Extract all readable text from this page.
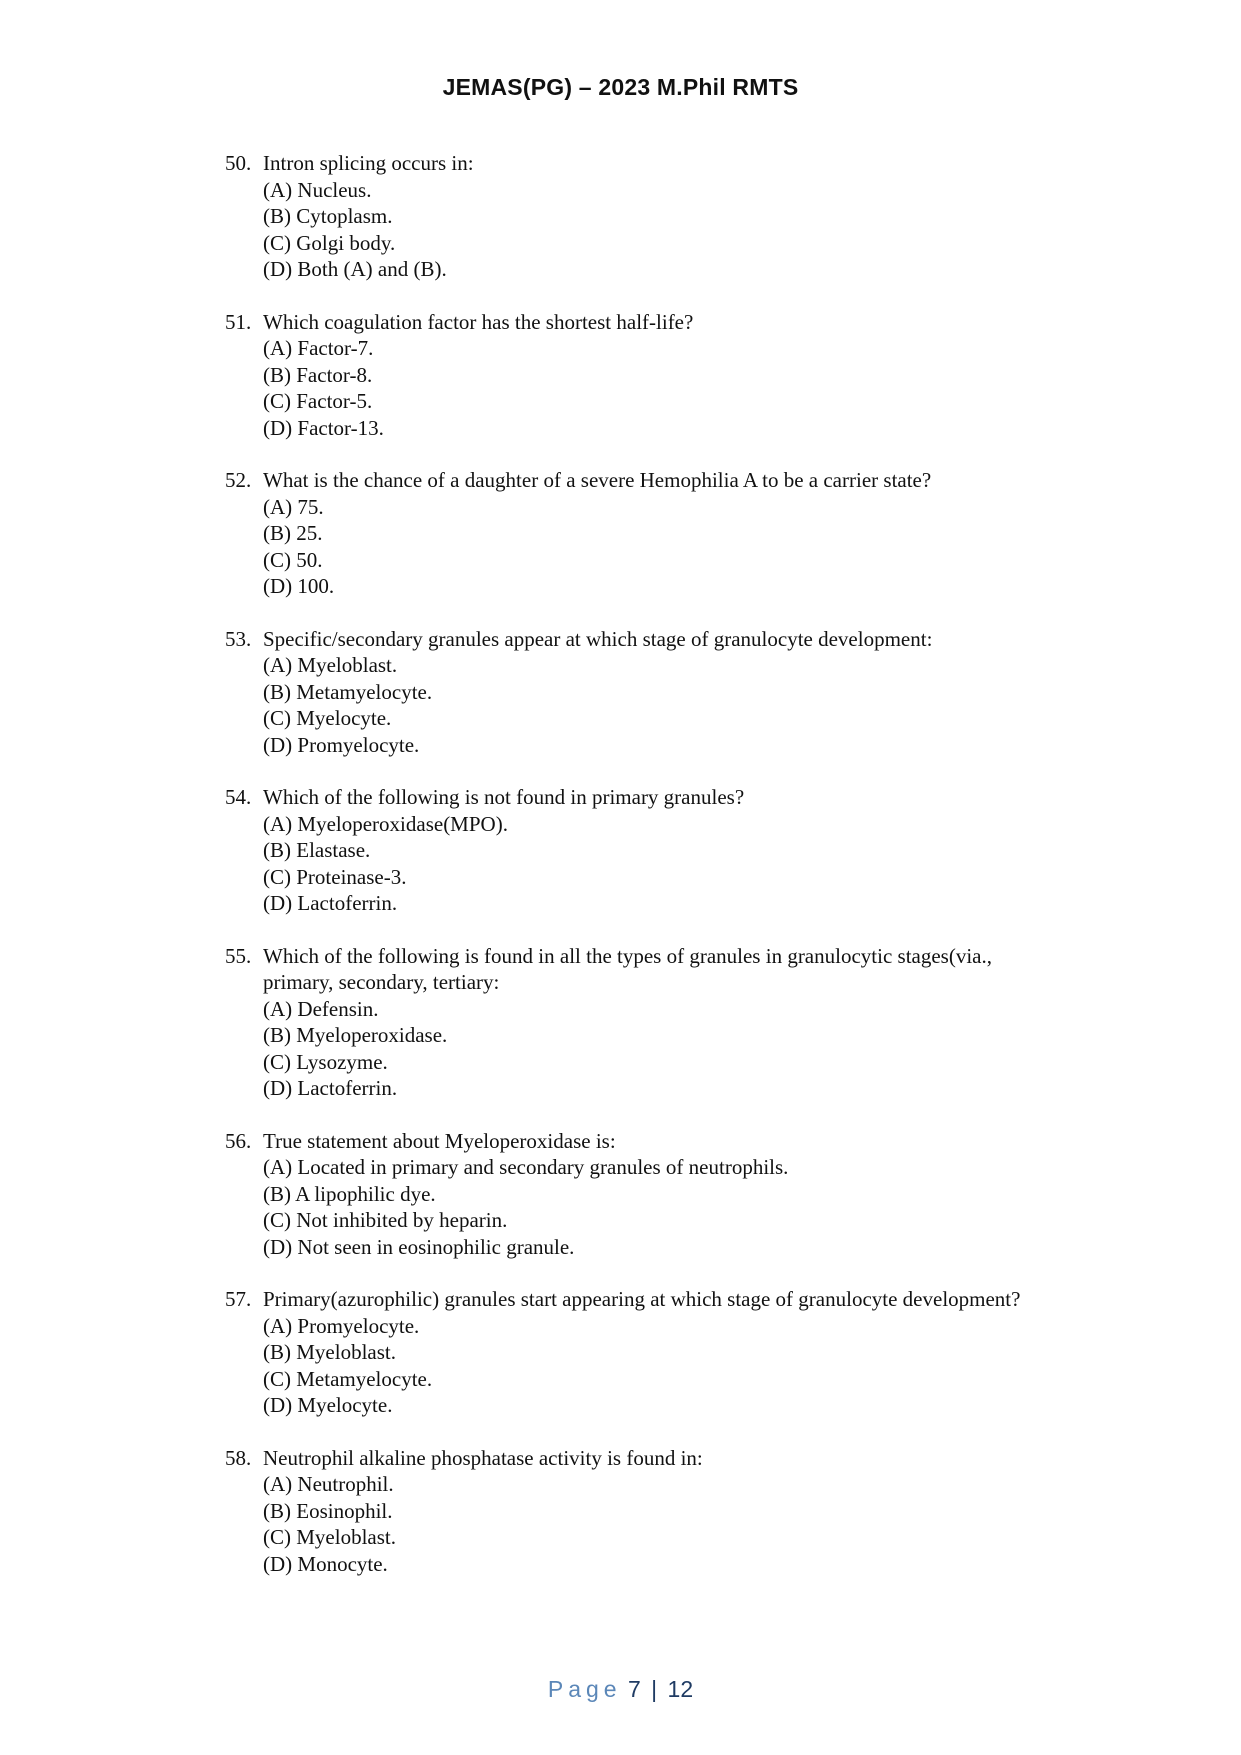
JEMAS(PG) – 2023 M.Phil RMTS
50. Intron splicing occurs in:
(A) Nucleus.
(B) Cytoplasm.
(C) Golgi body.
(D) Both (A) and (B).
51. Which coagulation factor has the shortest half-life?
(A) Factor-7.
(B) Factor-8.
(C) Factor-5.
(D) Factor-13.
52. What is the chance of a daughter of a severe Hemophilia A to be a carrier state?
(A) 75.
(B) 25.
(C) 50.
(D) 100.
53. Specific/secondary granules appear at which stage of granulocyte development:
(A) Myeloblast.
(B) Metamyelocyte.
(C) Myelocyte.
(D) Promyelocyte.
54. Which of the following is not found in primary granules?
(A) Myeloperoxidase(MPO).
(B) Elastase.
(C) Proteinase-3.
(D) Lactoferrin.
55. Which of the following is found in all the types of granules in granulocytic stages(via., primary, secondary, tertiary:
(A) Defensin.
(B) Myeloperoxidase.
(C) Lysozyme.
(D) Lactoferrin.
56. True statement about Myeloperoxidase is:
(A) Located in primary and secondary granules of neutrophils.
(B) A lipophilic dye.
(C) Not inhibited by heparin.
(D) Not seen in eosinophilic granule.
57. Primary(azurophilic) granules start appearing at which stage of granulocyte development?
(A) Promyelocyte.
(B) Myeloblast.
(C) Metamyelocyte.
(D) Myelocyte.
58. Neutrophil alkaline phosphatase activity is found in:
(A) Neutrophil.
(B) Eosinophil.
(C) Myeloblast.
(D) Monocyte.
Page 7 | 12
